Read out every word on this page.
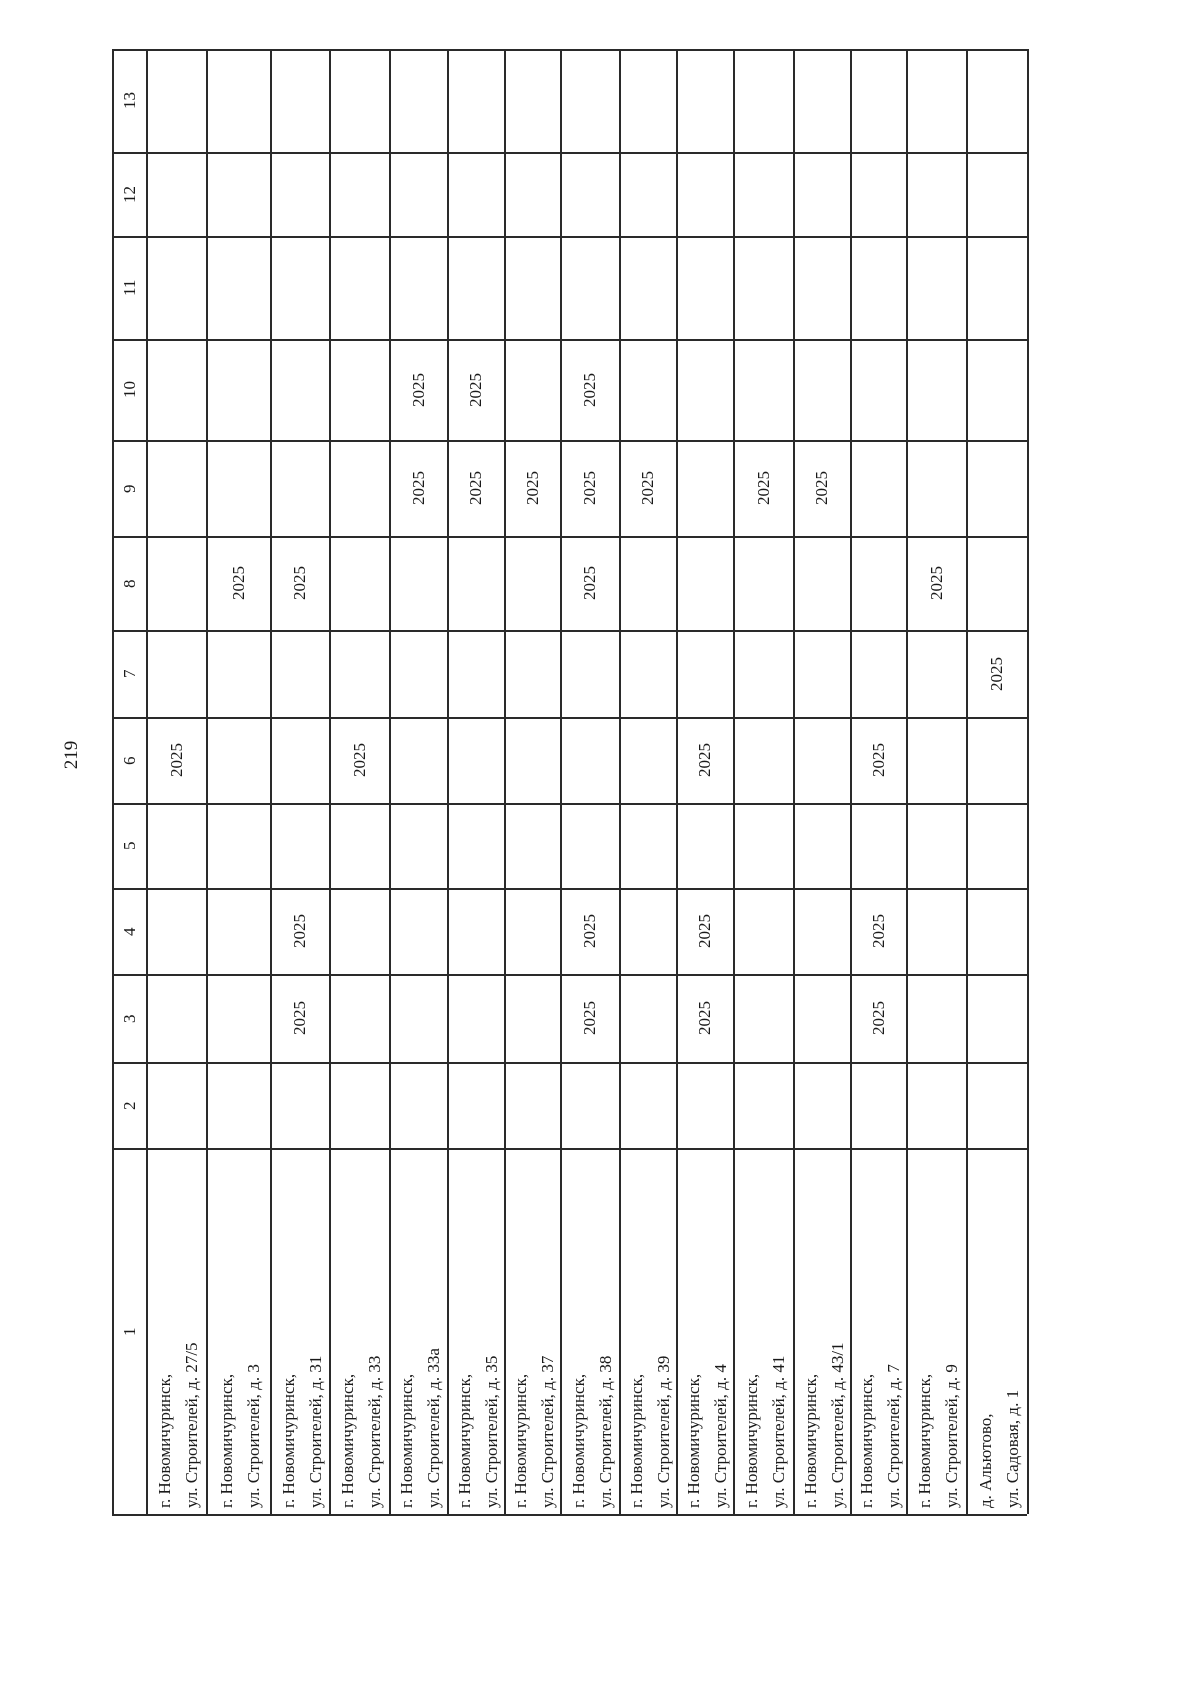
219
1
2
3
4
5
6
7
8
9
10
11
12
13
г. Новомичуринск, ул. Строителей, д. 27/5
2025
г. Новомичуринск, ул. Строителей, д. 3
2025
г. Новомичуринск, ул. Строителей, д. 31
2025
2025
2025
г. Новомичуринск, ул. Строителей, д. 33
2025
г. Новомичуринск, ул. Строителей, д. 33а
2025
2025
г. Новомичуринск, ул. Строителей, д. 35
2025
2025
г. Новомичуринск, ул. Строителей, д. 37
2025
г. Новомичуринск, ул. Строителей, д. 38
2025
2025
2025
2025
2025
г. Новомичуринск, ул. Строителей, д. 39
2025
г. Новомичуринск, ул. Строителей, д. 4
2025
2025
2025
г. Новомичуринск, ул. Строителей, д. 41
2025
г. Новомичуринск, ул. Строителей, д. 43/1
2025
г. Новомичуринск, ул. Строителей, д. 7
2025
2025
2025
г. Новомичуринск, ул. Строителей, д. 9
2025
д. Альютово, ул. Садовая, д. 1
2025
